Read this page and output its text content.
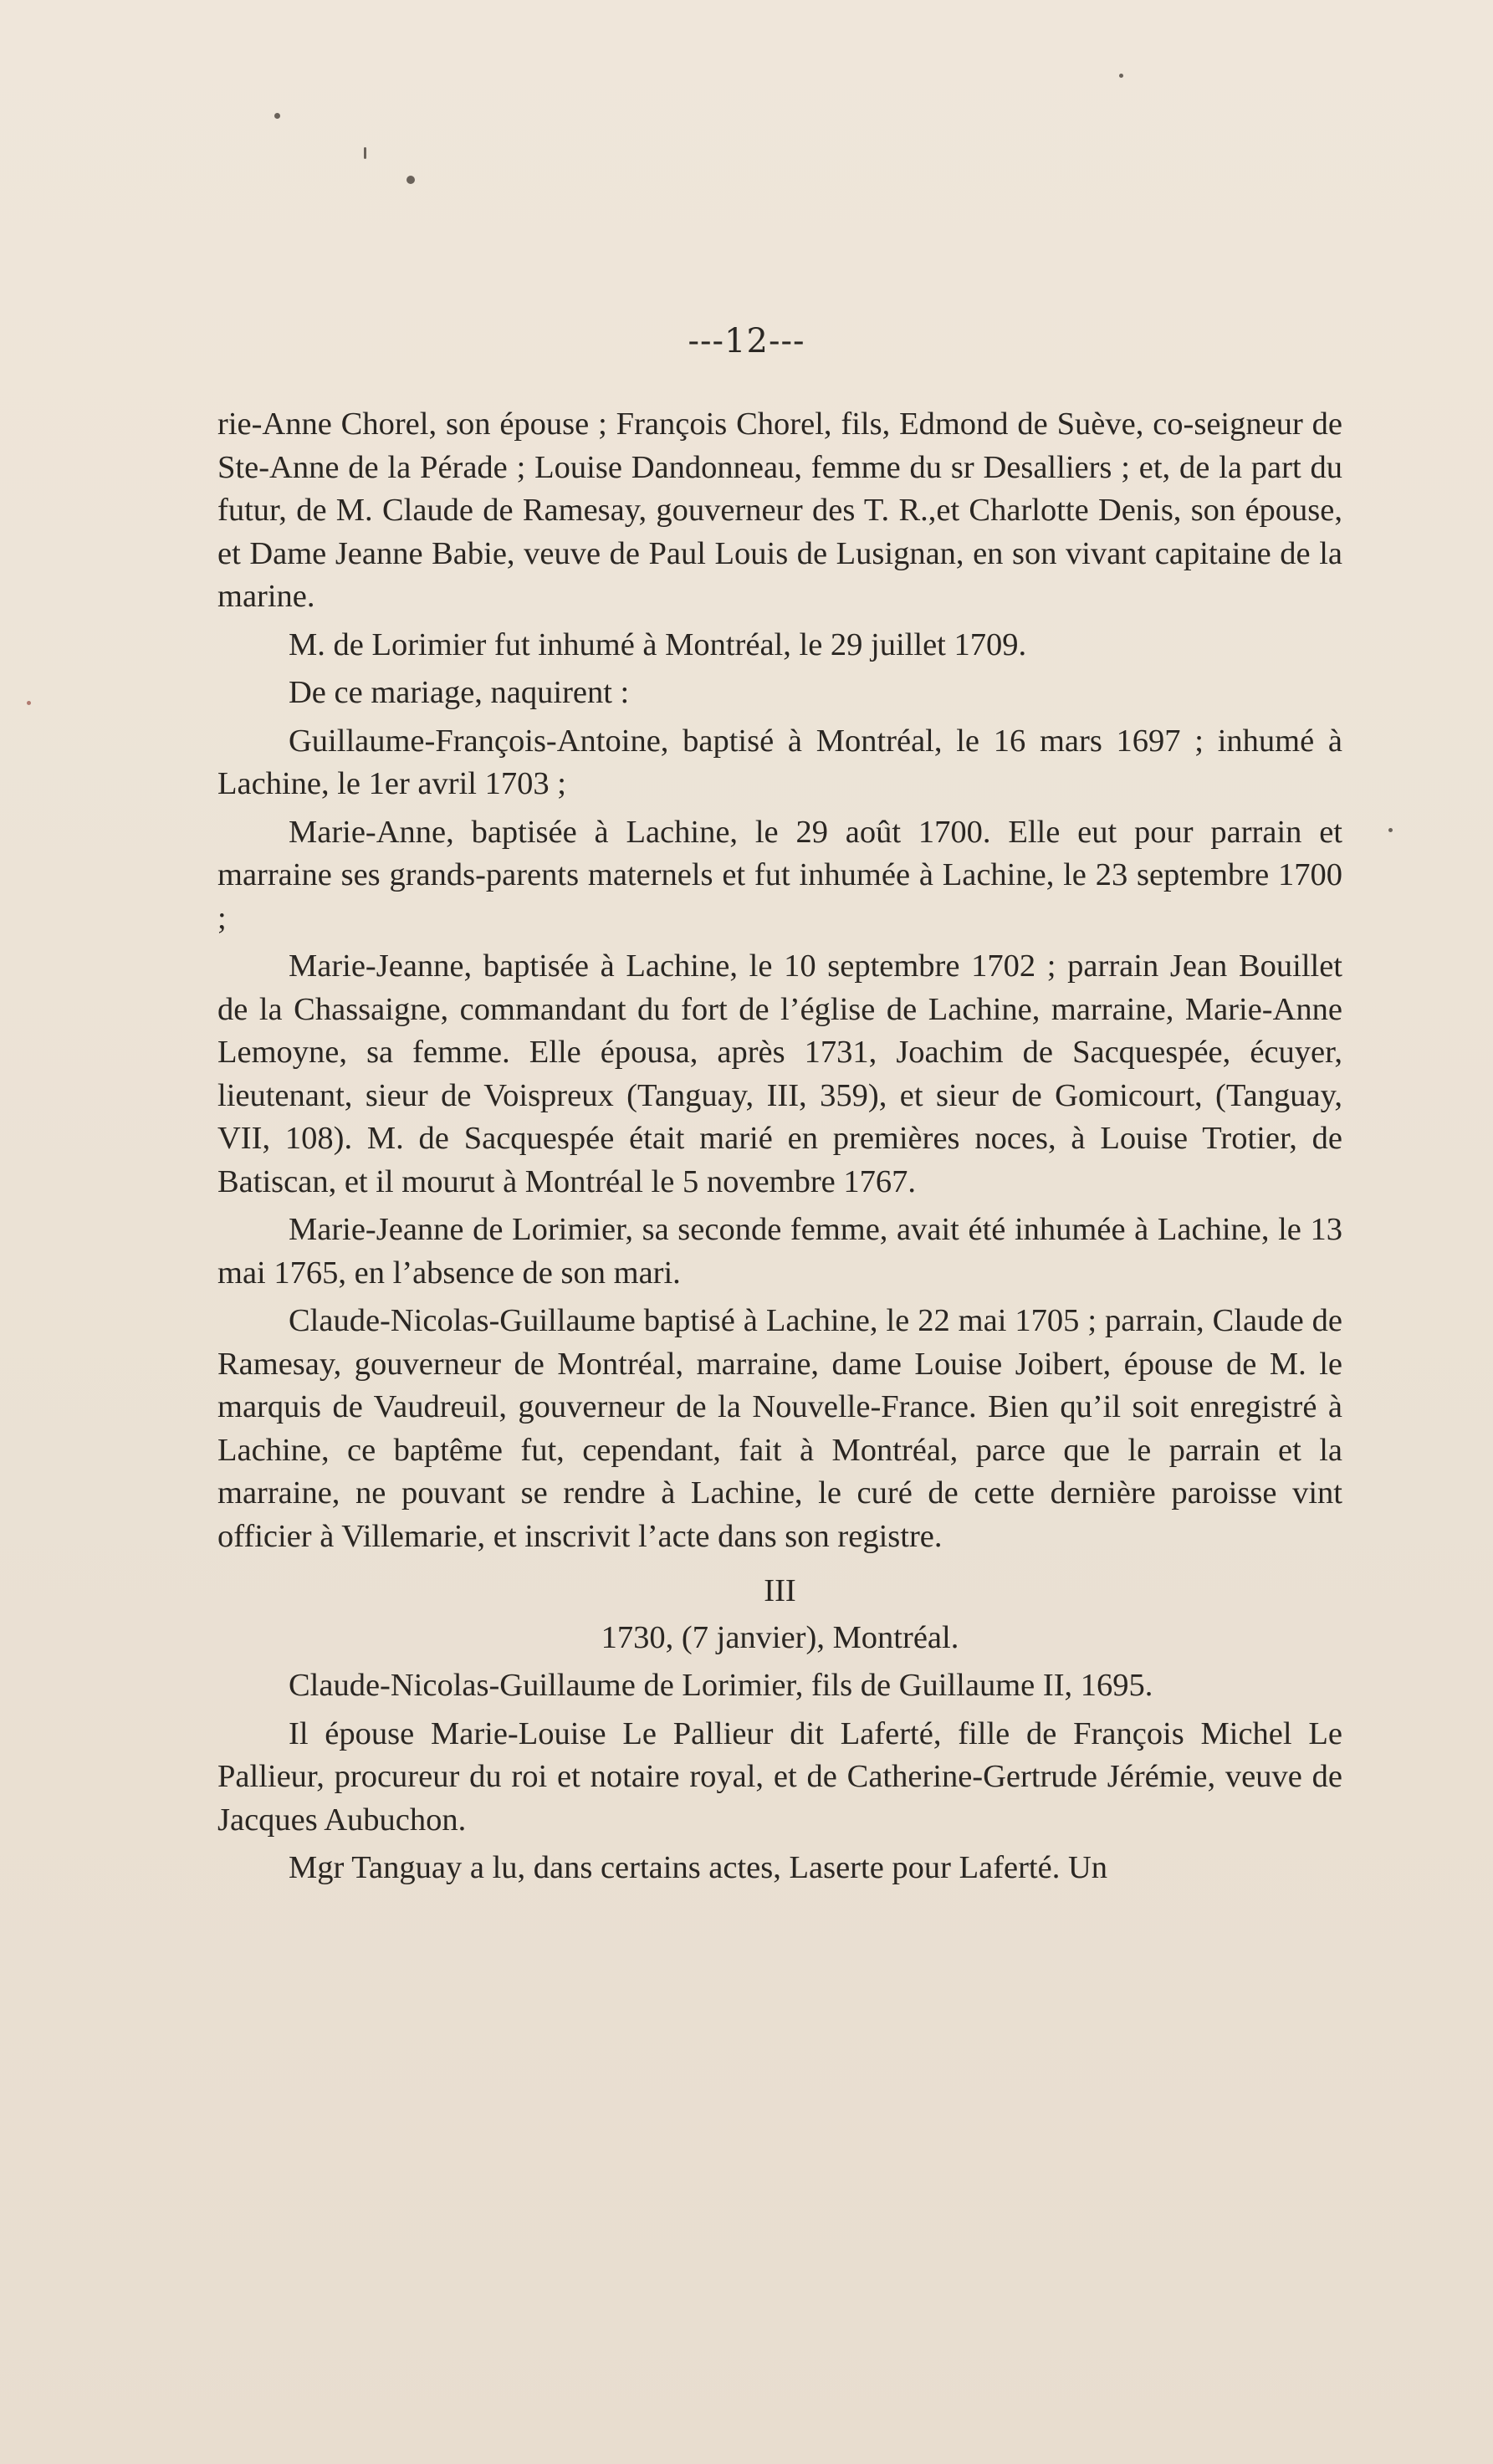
---12---

rie-Anne Chorel, son épouse ; François Chorel, fils, Edmond de Suève, co-seigneur de Ste-Anne de la Pérade ; Louise Dandonneau, femme du sr Desalliers ; et, de la part du futur, de M. Claude de Ramesay, gouverneur des T. R.,et Charlotte Denis, son épouse, et Dame Jeanne Babie, veuve de Paul Louis de Lusignan, en son vivant capitaine de la marine.

M. de Lorimier fut inhumé à Montréal, le 29 juillet 1709.

De ce mariage, naquirent :

Guillaume-François-Antoine, baptisé à Montréal, le 16 mars 1697 ; inhumé à Lachine, le 1er avril 1703 ;

Marie-Anne, baptisée à Lachine, le 29 août 1700. Elle eut pour parrain et marraine ses grands-parents maternels et fut inhumée à Lachine, le 23 septembre 1700 ;

Marie-Jeanne, baptisée à Lachine, le 10 septembre 1702 ; parrain Jean Bouillet de la Chassaigne, commandant du fort de l’église de Lachine, marraine, Marie-Anne Lemoyne, sa femme. Elle épousa, après 1731, Joachim de Sacquespée, écuyer, lieutenant, sieur de Voispreux (Tanguay, III, 359), et sieur de Gomicourt, (Tanguay, VII, 108). M. de Sacquespée était marié en premières noces, à Louise Trotier, de Batiscan, et il mourut à Montréal le 5 novembre 1767.

Marie-Jeanne de Lorimier, sa seconde femme, avait été inhumée à Lachine, le 13 mai 1765, en l’absence de son mari.

Claude-Nicolas-Guillaume baptisé à Lachine, le 22 mai 1705 ; parrain, Claude de Ramesay, gouverneur de Montréal, marraine, dame Louise Joibert, épouse de M. le marquis de Vaudreuil, gouverneur de la Nouvelle-France. Bien qu’il soit enregistré à Lachine, ce baptême fut, cependant, fait à Montréal, parce que le parrain et la marraine, ne pouvant se rendre à Lachine, le curé de cette dernière paroisse vint officier à Villemarie, et inscrivit l’acte dans son registre.

III

1730, (7 janvier), Montréal.

Claude-Nicolas-Guillaume de Lorimier, fils de Guillaume II, 1695.

Il épouse Marie-Louise Le Pallieur dit Laferté, fille de François Michel Le Pallieur, procureur du roi et notaire royal, et de Catherine-Gertrude Jérémie, veuve de Jacques Aubuchon.

Mgr Tanguay a lu, dans certains actes, Laserte pour Laferté. Un
